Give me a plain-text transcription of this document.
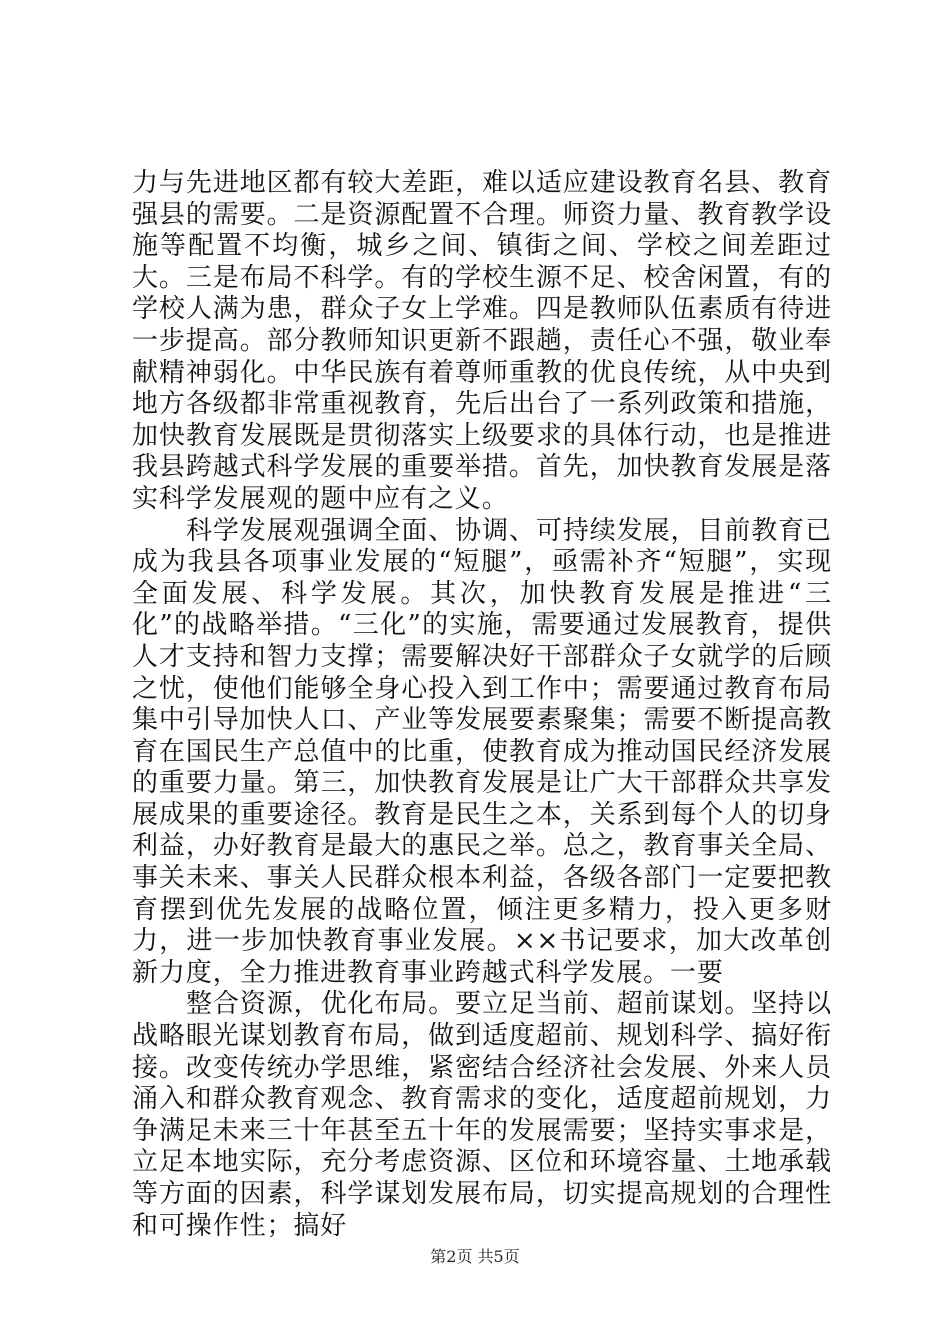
力与先进地区都有较大差距，难以适应建设教育名县、教育强县的需要。二是资源配置不合理。师资力量、教育教学设施等配置不均衡，城乡之间、镇街之间、学校之间差距过大。三是布局不科学。有的学校生源不足、校舍闲置，有的学校人满为患，群众子女上学难。四是教师队伍素质有待进一步提高。部分教师知识更新不跟趟，责任心不强，敬业奉献精神弱化。中华民族有着尊师重教的优良传统，从中央到地方各级都非常重视教育，先后出台了一系列政策和措施，加快教育发展既是贯彻落实上级要求的具体行动，也是推进我县跨越式科学发展的重要举措。首先，加快教育发展是落实科学发展观的题中应有之义。

科学发展观强调全面、协调、可持续发展，目前教育已成为我县各项事业发展的“短腿”，亟需补齐“短腿”，实现全面发展、科学发展。其次，加快教育发展是推进“三化”的战略举措。“三化”的实施，需要通过发展教育，提供人才支持和智力支撑；需要解决好干部群众子女就学的后顾之忧，使他们能够全身心投入到工作中；需要通过教育布局集中引导加快人口、产业等发展要素聚集；需要不断提高教育在国民生产总值中的比重，使教育成为推动国民经济发展的重要力量。第三，加快教育发展是让广大干部群众共享发展成果的重要途径。教育是民生之本，关系到每个人的切身利益，办好教育是最大的惠民之举。总之，教育事关全局、事关未来、事关人民群众根本利益，各级各部门一定要把教育摆到优先发展的战略位置，倾注更多精力，投入更多财力，进一步加快教育事业发展。××书记要求，加大改革创新力度，全力推进教育事业跨越式科学发展。一要

整合资源，优化布局。要立足当前、超前谋划。坚持以战略眼光谋划教育布局，做到适度超前、规划科学、搞好衔接。改变传统办学思维，紧密结合经济社会发展、外来人员涌入和群众教育观念、教育需求的变化，适度超前规划，力争满足未来三十年甚至五十年的发展需要；坚持实事求是，立足本地实际，充分考虑资源、区位和环境容量、土地承载等方面的因素，科学谋划发展布局，切实提高规划的合理性和可操作性；搞好

第2页 共5页
